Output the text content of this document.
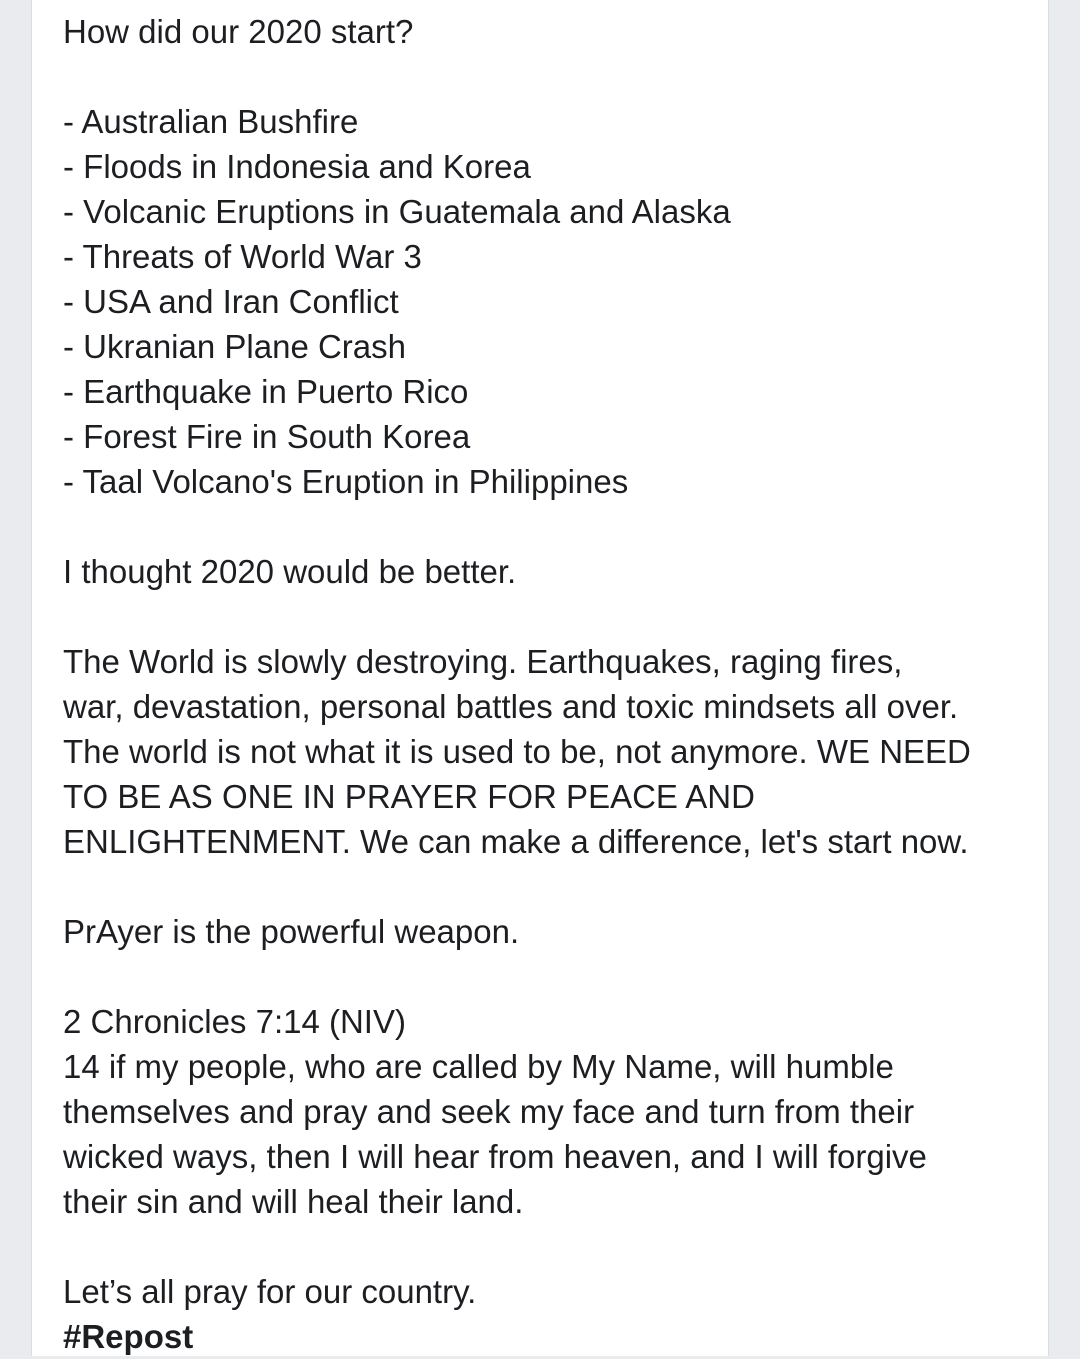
How did our 2020 start?
- Australian Bushfire
- Floods in Indonesia and Korea
- Volcanic Eruptions in Guatemala and Alaska
- Threats of World War 3
- USA and Iran Conflict
- Ukranian Plane Crash
- Earthquake in Puerto Rico
- Forest Fire in South Korea
- Taal Volcano's Eruption in Philippines
I thought 2020 would be better.
The World is slowly destroying. Earthquakes, raging fires,
war, devastation, personal battles and toxic mindsets all over.
The world is not what it is used to be, not anymore. WE NEED
TO BE AS ONE IN PRAYER FOR PEACE AND
ENLIGHTENMENT. We can make a difference, let's start now.
PrAyer is the powerful weapon.
2 Chronicles 7:14 (NIV)
14 if my people, who are called by My Name, will humble
themselves and pray and seek my face and turn from their
wicked ways, then I will hear from heaven, and I will forgive
their sin and will heal their land.
Let’s all pray for our country.
#Repost
